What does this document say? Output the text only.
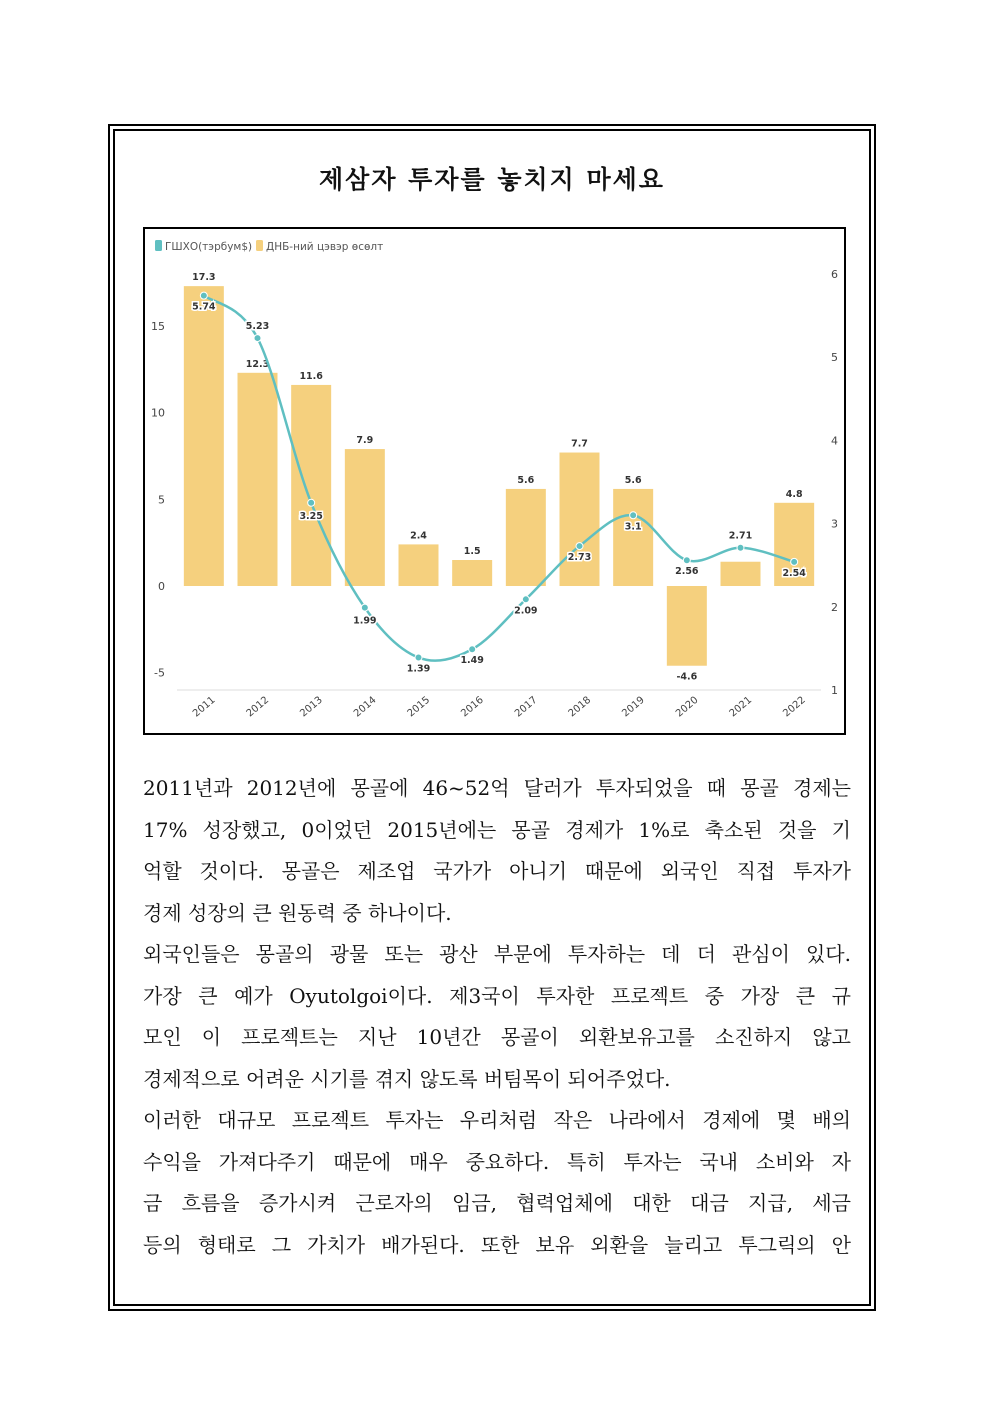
제삼자 투자를 놓치지 마세요
ГШХО(тэрбум$) ДНБ-ний цэвэр өсөлт
15
10
5
0
-5
6
5
4
3
2
1
17.3
12.3
11.6
7.9
2.4
1.5
5.6
7.7
5.6
-4.6
4.8
5.74
5.23
3.25
1.99
1.39
1.49
2.09
2.73
3.1
2.56
2.71
2.54
2011	2012	2013	2014	2015	2016	2017	2018	2019	2020	2021	2022
2011년과 2012년에 몽골에 46~52억 달러가 투자되었을 때 몽골 경제는
17% 성장했고, 0이었던 2015년에는 몽골 경제가 1%로 축소된 것을 기
억할 것이다. 몽골은 제조업 국가가 아니기 때문에 외국인 직접 투자가
경제 성장의 큰 원동력 중 하나이다.
외국인들은 몽골의 광물 또는 광산 부문에 투자하는 데 더 관심이 있다.
가장 큰 예가 Oyutolgoi이다. 제3국이 투자한 프로젝트 중 가장 큰 규
모인 이 프로젝트는 지난 10년간 몽골이 외환보유고를 소진하지 않고
경제적으로 어려운 시기를 겪지 않도록 버팀목이 되어주었다.
이러한 대규모 프로젝트 투자는 우리처럼 작은 나라에서 경제에 몇 배의
수익을 가져다주기 때문에 매우 중요하다. 특히 투자는 국내 소비와 자
금 흐름을 증가시켜 근로자의 임금, 협력업체에 대한 대금 지급, 세금
등의 형태로 그 가치가 배가된다. 또한 보유 외환을 늘리고 투그릭의 안
